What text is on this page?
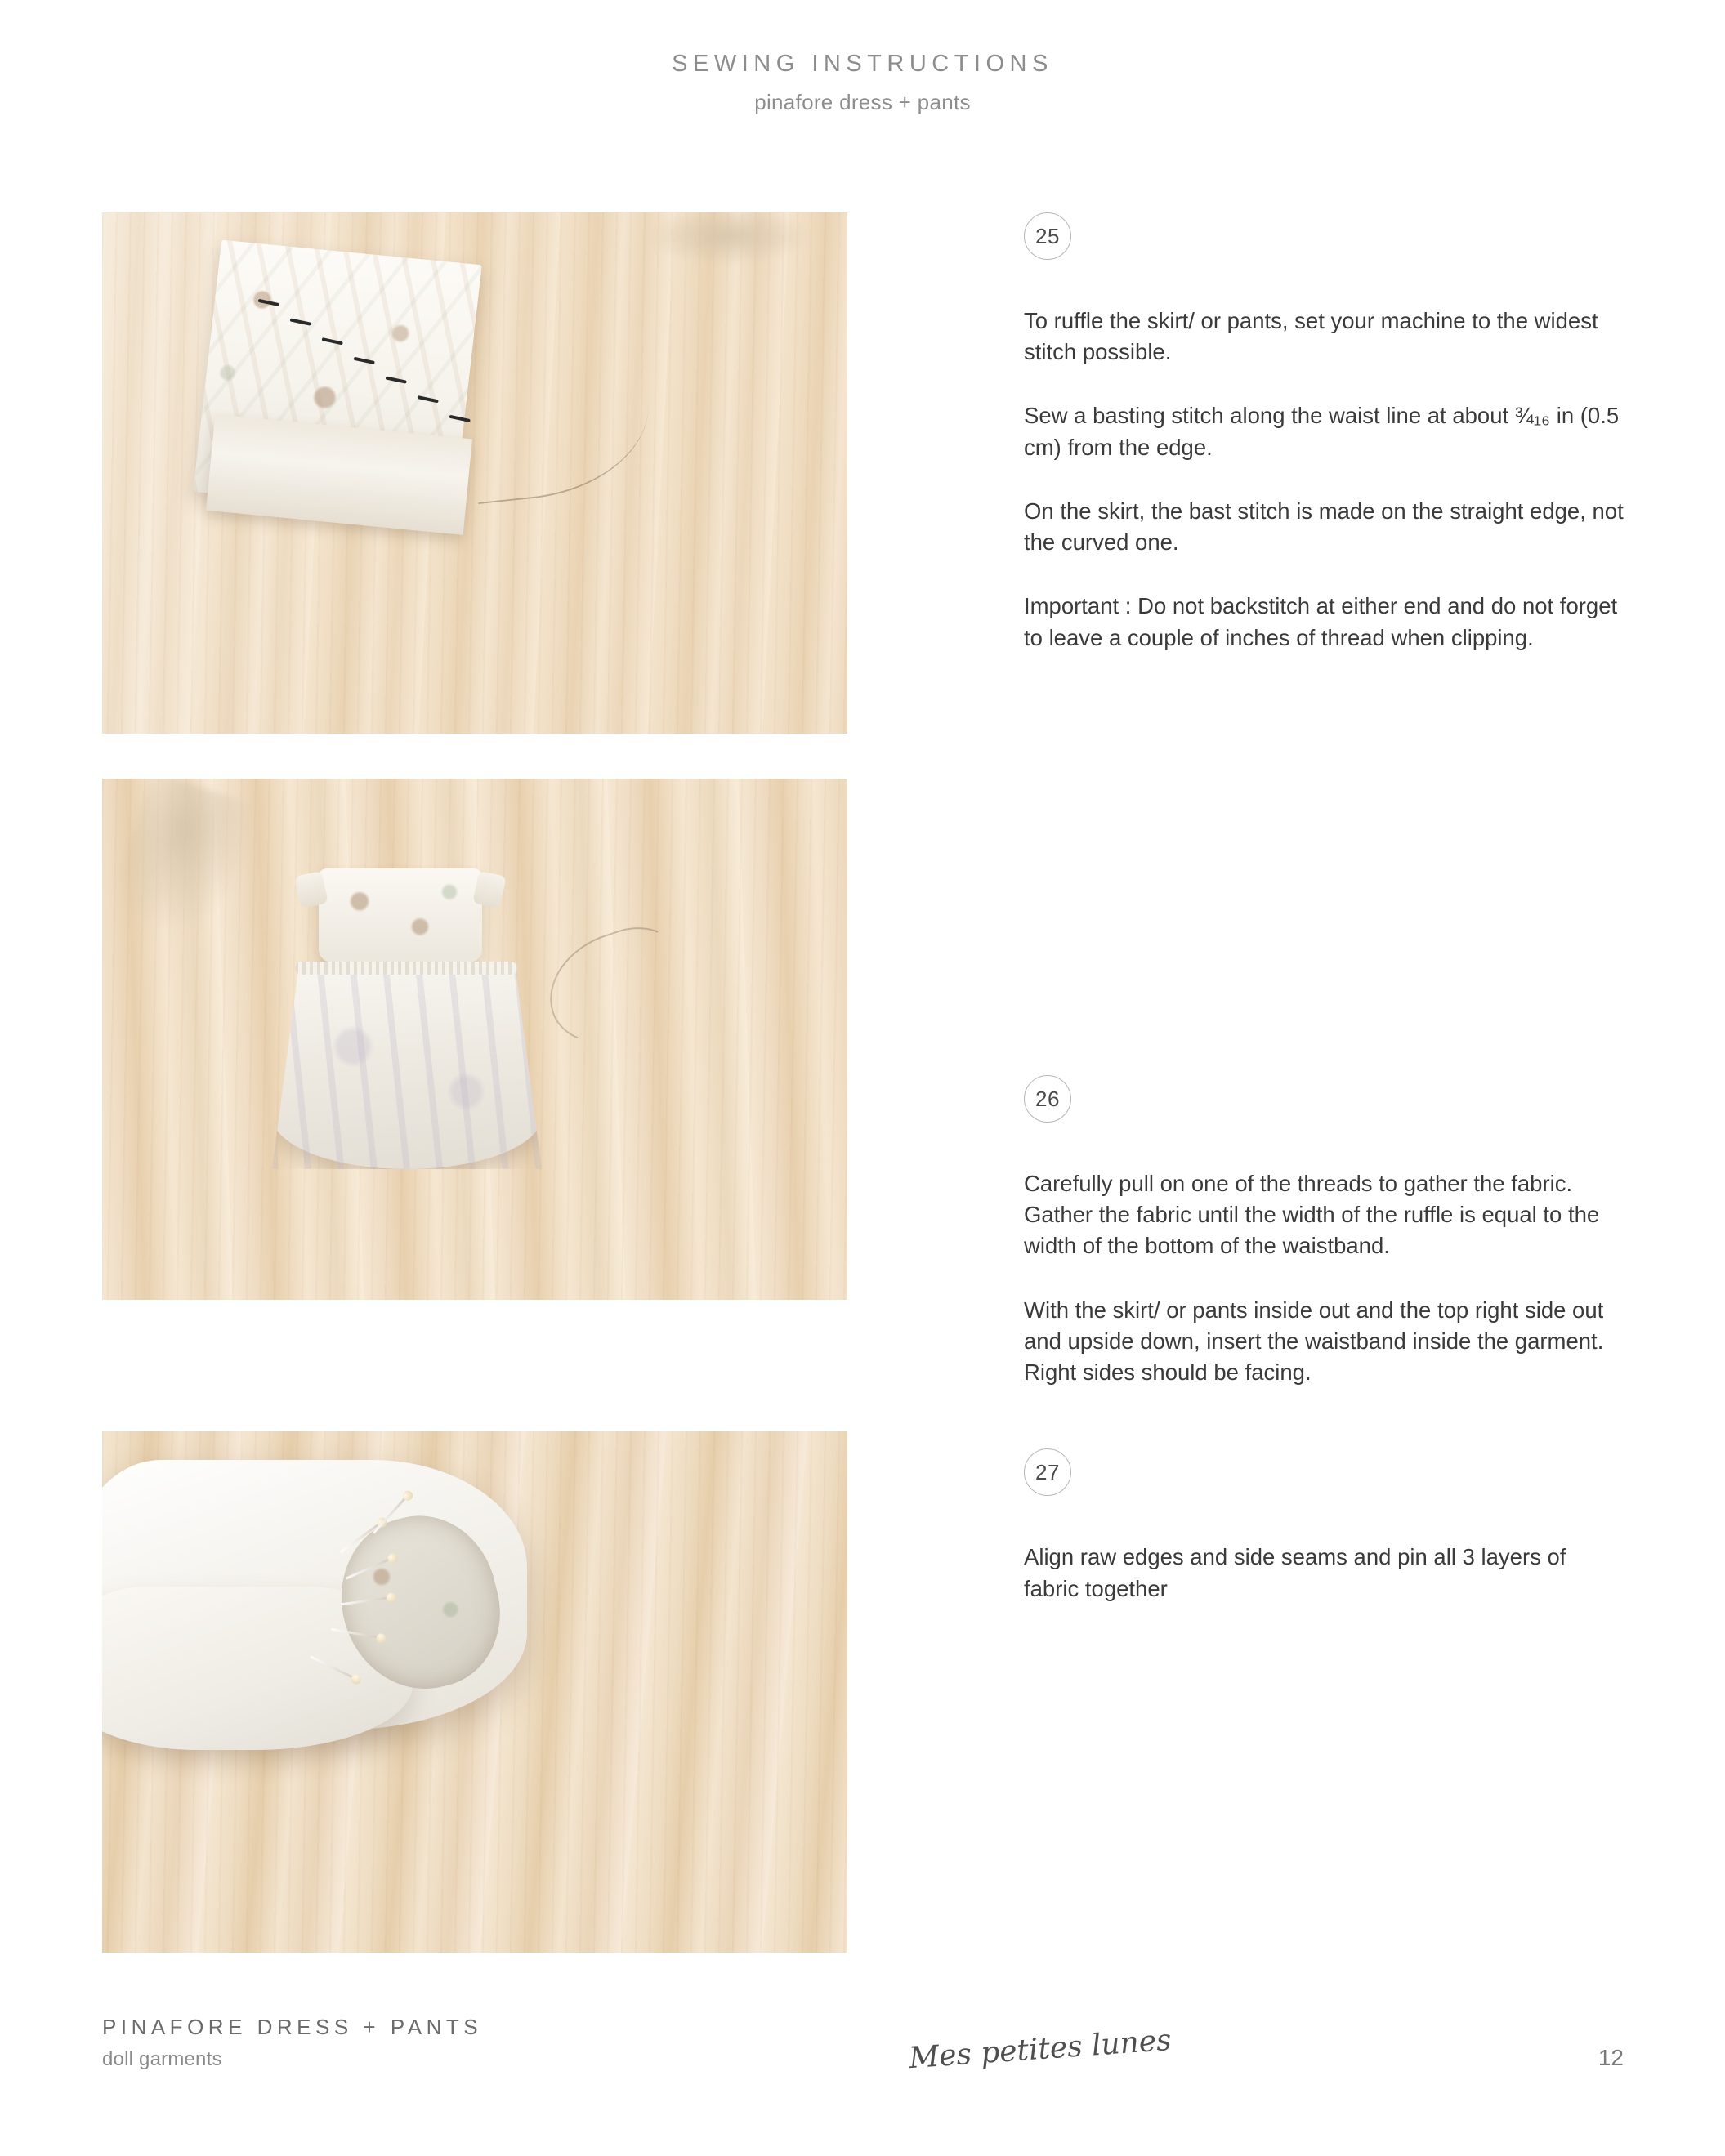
SEWING INSTRUCTIONS
pinafore dress + pants
25

To ruffle the skirt/ or pants, set your machine to the widest stitch possible.

Sew a basting stitch along the waist line at about ¾₁₆ in (0.5 cm) from the edge.

On the skirt, the bast stitch is made on the straight edge, not the curved one.

Important : Do not backstitch at either end and do not forget to leave a couple of inches of thread when clipping.

26

Carefully pull on one of the threads to gather the fabric. Gather the fabric until the width of the ruffle is equal to the width of the bottom of the waistband.

With the skirt/ or pants inside out and the top right side out and upside down, insert the waistband inside the garment. Right sides should be facing.

27

Align raw edges and side seams and pin all 3 layers of fabric together

PINAFORE DRESS + PANTS
doll garments	Mes petites lunes	12
